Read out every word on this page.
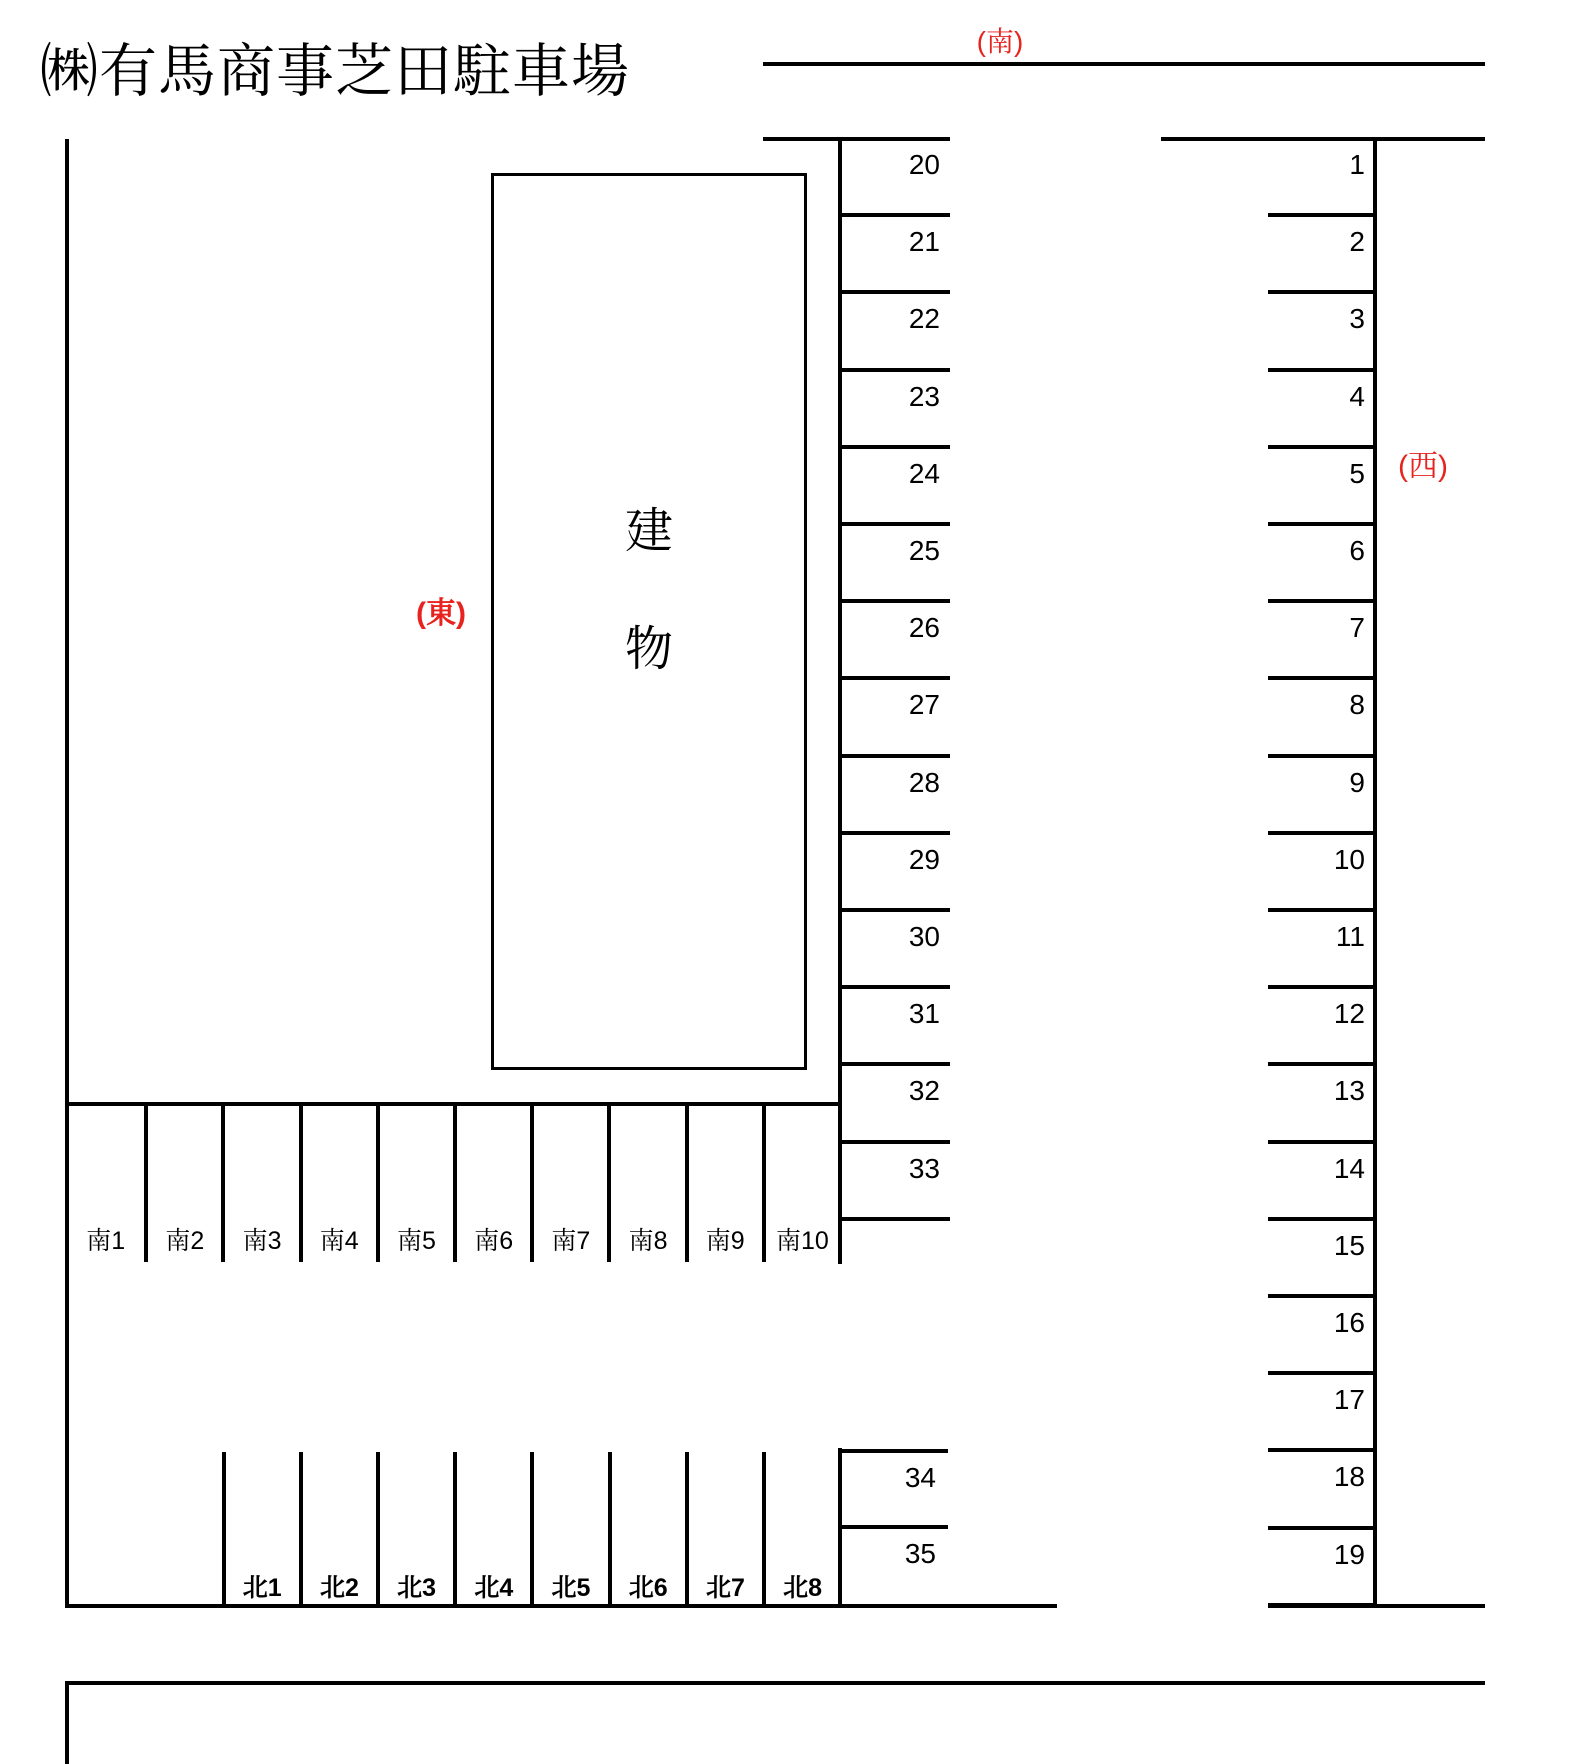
㈱有馬商事芝田駐車場	(南)
(東)
(西)
建
物
1
2
3
4
5
6
7
8
9
10
11
12
13
14
15
16
17
18
19
20
21
22
23
24
25
26
27
28
29
30
31
32
33
34
35
南1	南2	南3	南4	南5	南6	南7	南8	南9	南10
北1	北2	北3	北4	北5	北6	北7	北8
